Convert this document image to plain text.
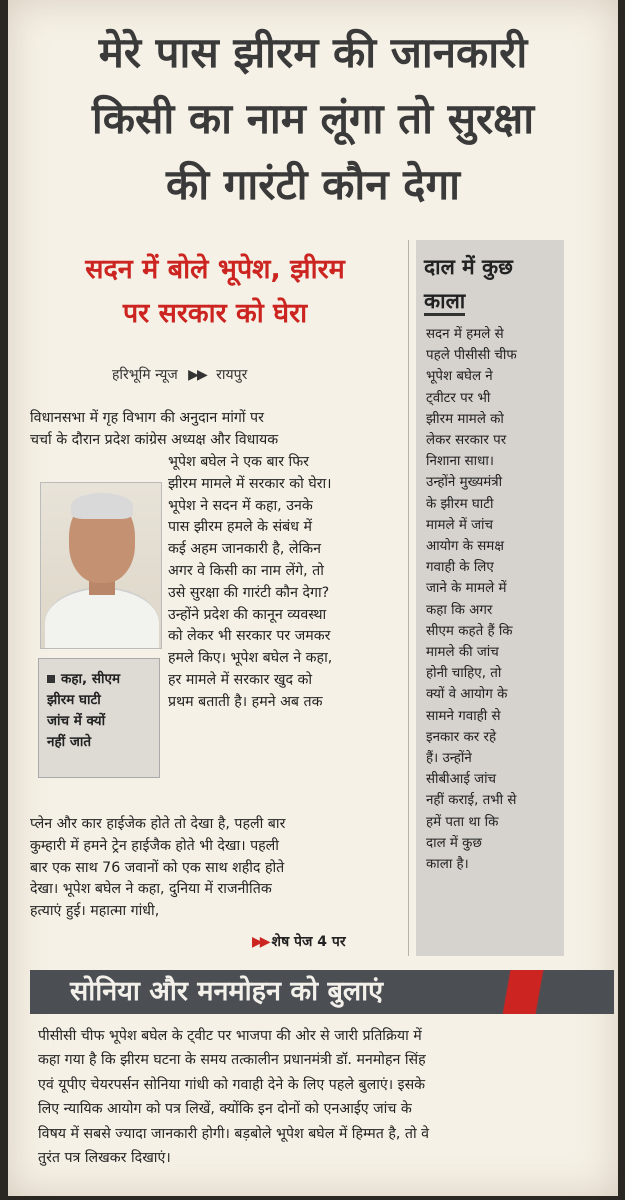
मेरे पास झीरम की जानकारी
किसी का नाम लूंगा तो सुरक्षा
की गारंटी कौन देगा
सदन में बोले भूपेश, झीरम
पर सरकार को घेरा
हरिभूमि न्यूज ▶▶ रायपुर
विधानसभा में गृह विभाग की अनुदान मांगों पर
चर्चा के दौरान प्रदेश कांग्रेस अध्यक्ष और विधायक
भूपेश बघेल ने एक बार फिर
झीरम मामले में सरकार को घेरा।
भूपेश ने सदन में कहा, उनके
पास झीरम हमले के संबंध में
कई अहम जानकारी है, लेकिन
अगर वे किसी का नाम लेंगे, तो
उसे सुरक्षा की गारंटी कौन देगा?
उन्होंने प्रदेश की कानून व्यवस्था
को लेकर भी सरकार पर जमकर
हमले किए। भूपेश बघेल ने कहा,
हर मामले में सरकार खुद को
प्रथम बताती है। हमने अब तक
कहा, सीएम
झीरम घाटी
जांच में क्यों
नहीं जाते
प्लेन और कार हाईजेक होते तो देखा है, पहली बार
कुम्हारी में हमने ट्रेन हाईजैक होते भी देखा। पहली
बार एक साथ 76 जवानों को एक साथ शहीद होते
देखा। भूपेश बघेल ने कहा, दुनिया में राजनीतिक
हत्याएं हुई। महात्मा गांधी,
▶▶ शेष पेज 4 पर
दाल में कुछ
काला
सदन में हमले से
पहले पीसीसी चीफ
भूपेश बघेल ने
ट्वीटर पर भी
झीरम मामले को
लेकर सरकार पर
निशाना साधा।
उन्होंने मुख्यमंत्री
के झीरम घाटी
मामले में जांच
आयोग के समक्ष
गवाही के लिए
जाने के मामले में
कहा कि अगर
सीएम कहते हैं कि
मामले की जांच
होनी चाहिए, तो
क्यों वे आयोग के
सामने गवाही से
इनकार कर रहे
हैं। उन्होंने
सीबीआई जांच
नहीं कराई, तभी से
हमें पता था कि
दाल में कुछ
काला है।
सोनिया और मनमोहन को बुलाएं
पीसीसी चीफ भूपेश बघेल के ट्वीट पर भाजपा की ओर से जारी प्रतिक्रिया में
कहा गया है कि झीरम घटना के समय तत्कालीन प्रधानमंत्री डॉ. मनमोहन सिंह
एवं यूपीए चेयरपर्सन सोनिया गांधी को गवाही देने के लिए पहले बुलाएं। इसके
लिए न्यायिक आयोग को पत्र लिखें, क्योंकि इन दोनों को एनआईए जांच के
विषय में सबसे ज्यादा जानकारी होगी। बड़बोले भूपेश बघेल में हिम्मत है, तो वे
तुरंत पत्र लिखकर दिखाएं।
